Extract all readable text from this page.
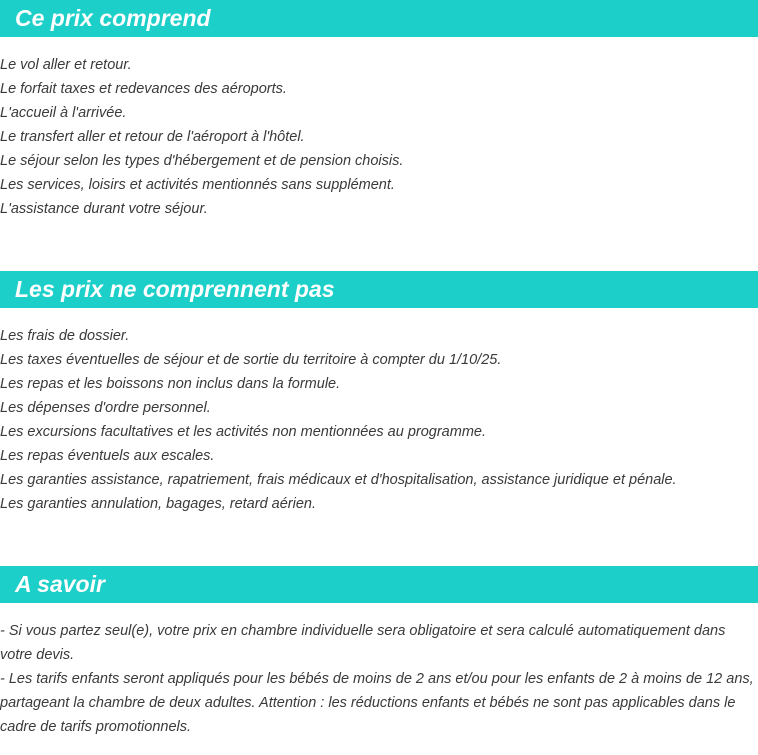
Ce prix comprend
Le vol aller et retour.
Le forfait taxes et redevances des aéroports.
L'accueil à l'arrivée.
Le transfert aller et retour de l'aéroport à l'hôtel.
Le séjour selon les types d'hébergement et de pension choisis.
Les services, loisirs et activités mentionnés sans supplément.
L'assistance durant votre séjour.
Les prix ne comprennent pas
Les frais de dossier.
Les taxes éventuelles de séjour et de sortie du territoire à compter du 1/10/25.
Les repas et les boissons non inclus dans la formule.
Les dépenses d'ordre personnel.
Les excursions facultatives et les activités non mentionnées au programme.
Les repas éventuels aux escales.
Les garanties assistance, rapatriement, frais médicaux et d'hospitalisation, assistance juridique et pénale.
Les garanties annulation, bagages, retard aérien.
A savoir
- Si vous partez seul(e), votre prix en chambre individuelle sera obligatoire et sera calculé automatiquement dans votre devis.
- Les tarifs enfants seront appliqués pour les bébés de moins de 2 ans et/ou pour les enfants de 2 à moins de 12 ans, partageant la chambre de deux adultes. Attention : les réductions enfants et bébés ne sont pas applicables dans le cadre de tarifs promotionnels.
